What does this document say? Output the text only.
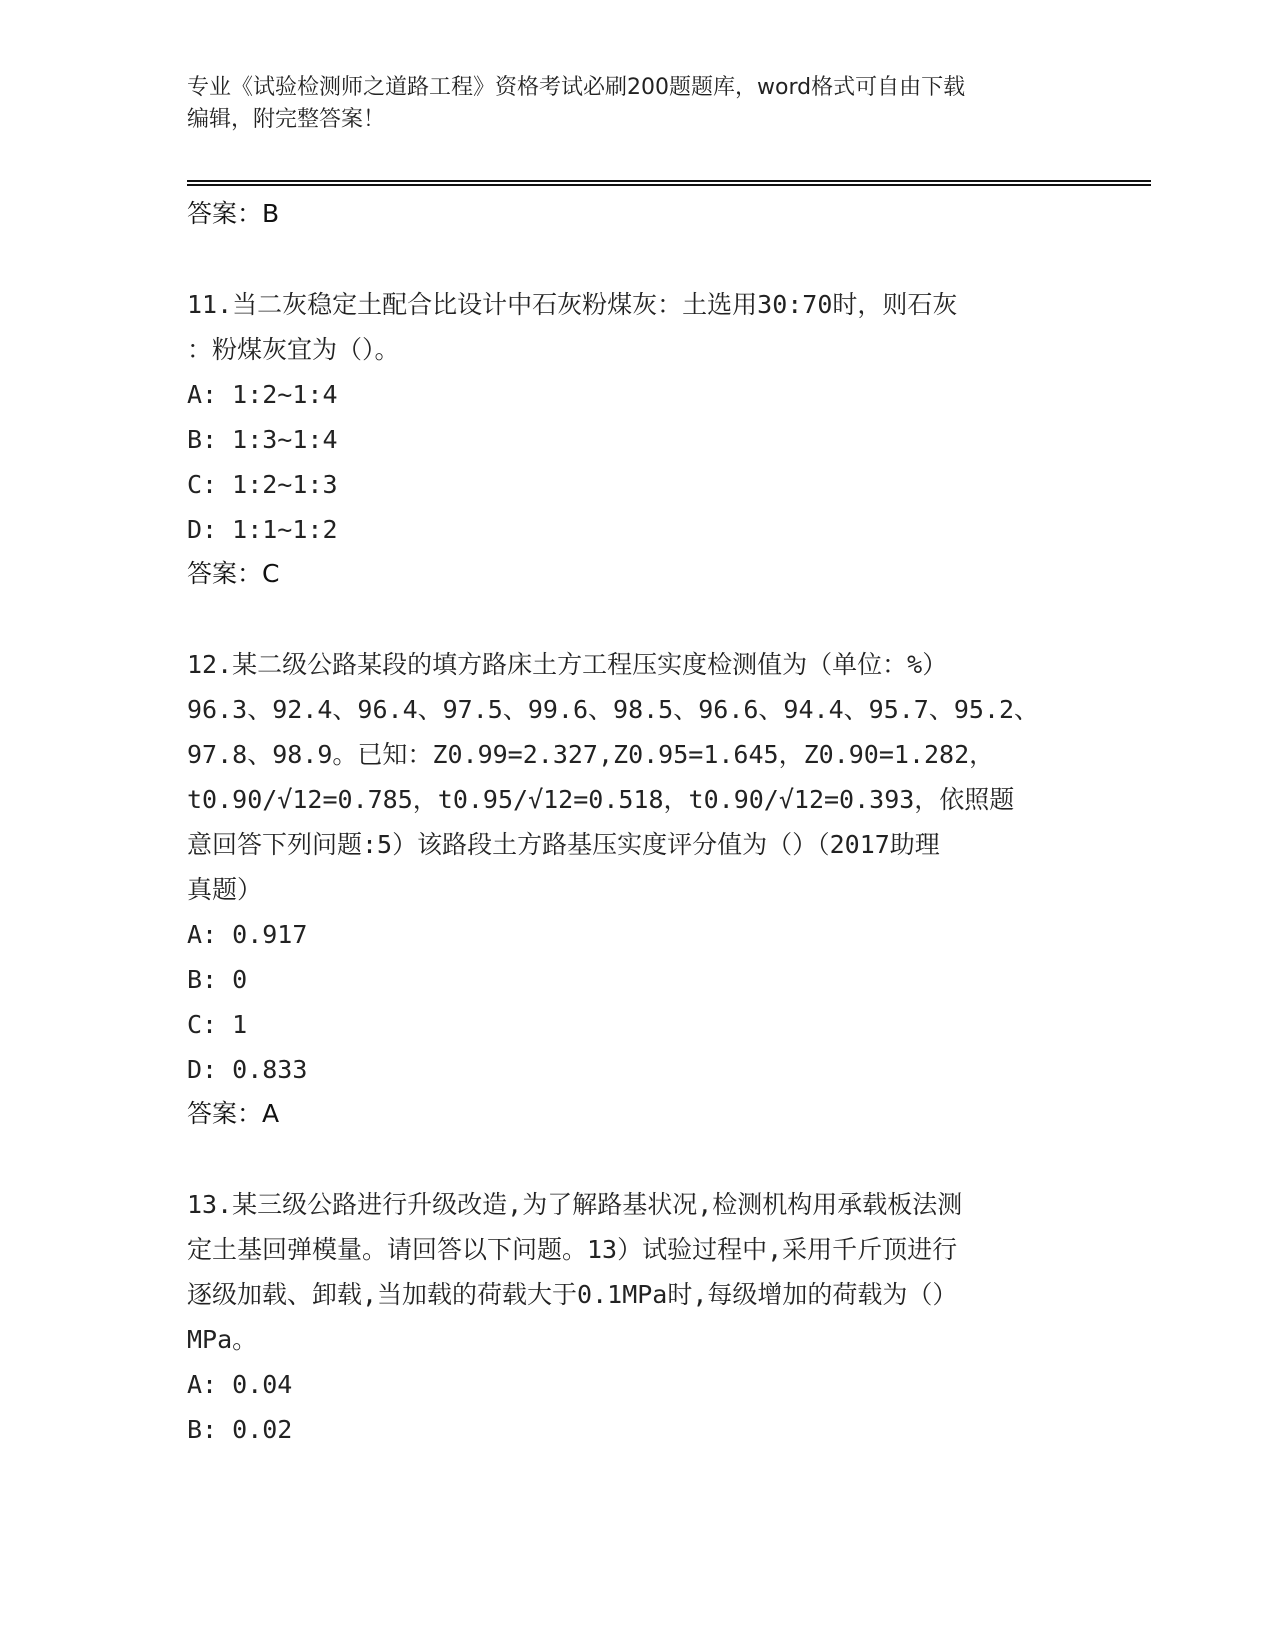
专业《试验检测师之道路工程》资格考试必刷200题题库，word格式可自由下载
编辑，附完整答案！
答案：B
11.当二灰稳定土配合比设计中石灰粉煤灰：土选用30:70时，则石灰
：粉煤灰宜为（）。
A: 1:2~1:4
B: 1:3~1:4
C: 1:2~1:3
D: 1:1~1:2
答案：C
12.某二级公路某段的填方路床土方工程压实度检测值为（单位：%）
96.3、92.4、96.4、97.5、99.6、98.5、96.6、94.4、95.7、95.2、
97.8、98.9。已知：Z0.99=2.327,Z0.95=1.645，Z0.90=1.282，
t0.90/√12=0.785，t0.95/√12=0.518，t0.90/√12=0.393，依照题
意回答下列问题:5）该路段土方路基压实度评分值为（）（2017助理
真题）
A: 0.917
B: 0
C: 1
D: 0.833
答案：A
13.某三级公路进行升级改造,为了解路基状况,检测机构用承载板法测
定土基回弹模量。请回答以下问题。13）试验过程中,采用千斤顶进行
逐级加载、卸载,当加载的荷载大于0.1MPa时,每级增加的荷载为（）
MPa。
A: 0.04
B: 0.02
